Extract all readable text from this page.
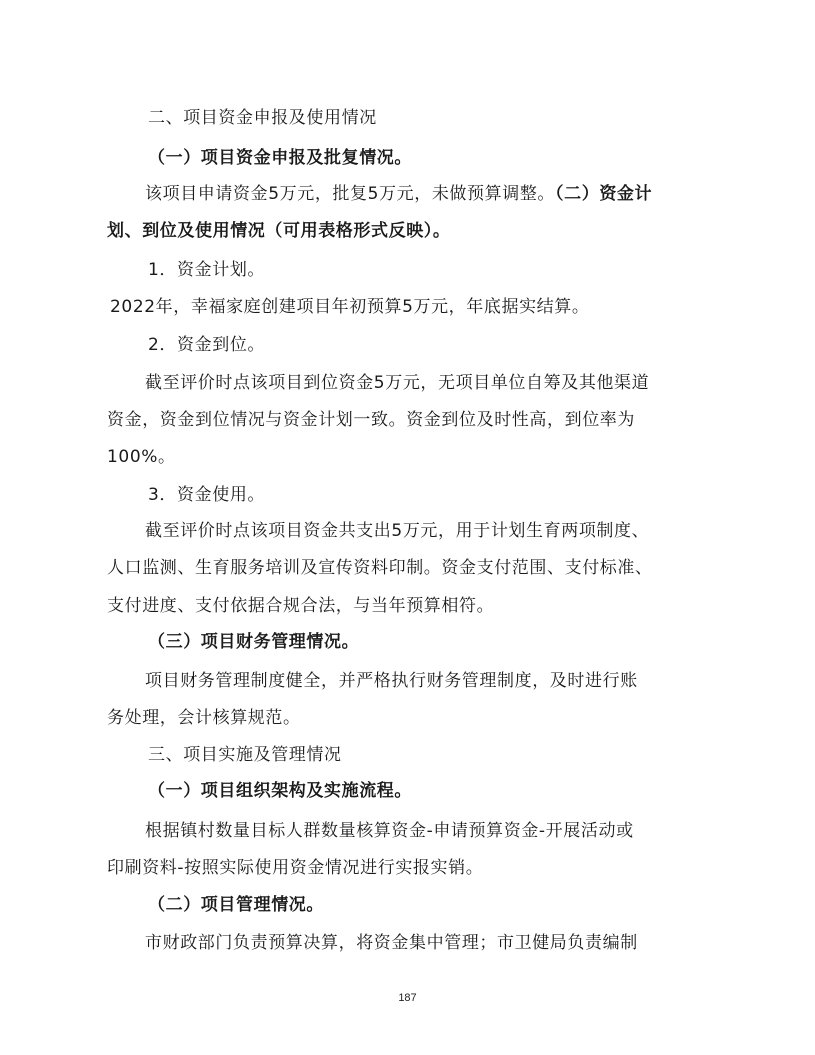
二、项目资金申报及使用情况
（一）项目资金申报及批复情况。
该项目申请资金5万元，批复5万元，未做预算调整。（二）资金计
划、到位及使用情况（可用表格形式反映）。
1．资金计划。
2022年，幸福家庭创建项目年初预算5万元，年底据实结算。
2．资金到位。
截至评价时点该项目到位资金5万元，无项目单位自筹及其他渠道
资金，资金到位情况与资金计划一致。资金到位及时性高，到位率为
100%。
3．资金使用。
截至评价时点该项目资金共支出5万元，用于计划生育两项制度、
人口监测、生育服务培训及宣传资料印制。资金支付范围、支付标准、
支付进度、支付依据合规合法，与当年预算相符。
（三）项目财务管理情况。
项目财务管理制度健全，并严格执行财务管理制度，及时进行账
务处理，会计核算规范。
三、项目实施及管理情况
（一）项目组织架构及实施流程。
根据镇村数量目标人群数量核算资金-申请预算资金-开展活动或
印刷资料-按照实际使用资金情况进行实报实销。
（二）项目管理情况。
市财政部门负责预算决算，将资金集中管理；市卫健局负责编制
187
